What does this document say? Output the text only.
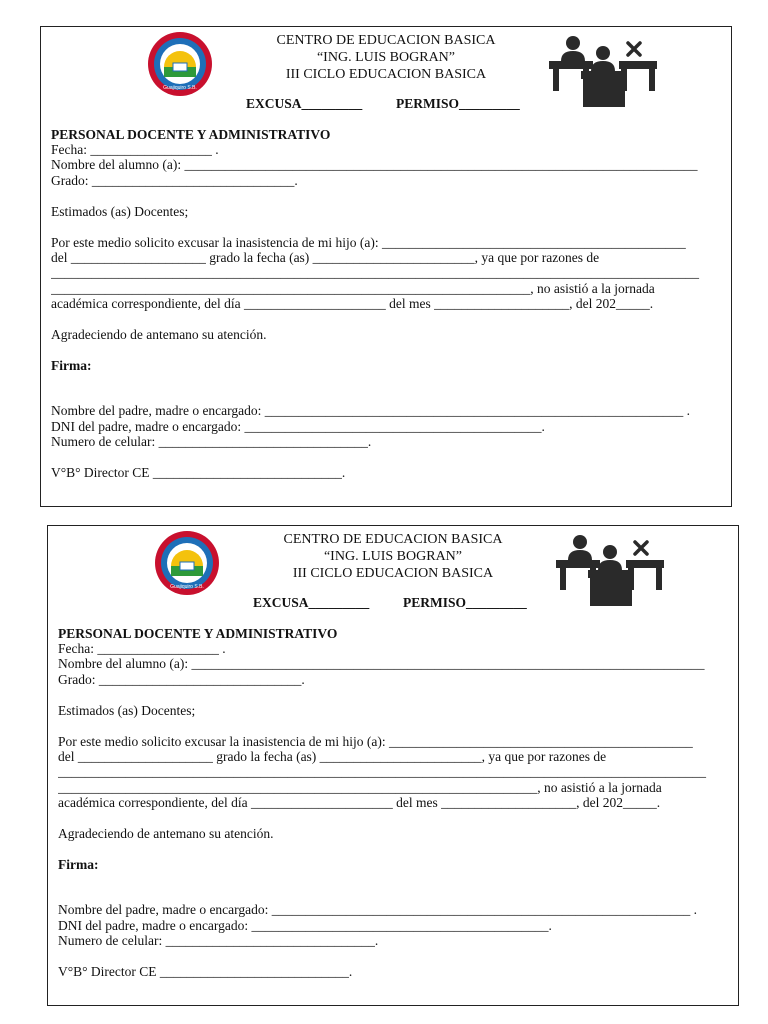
Guajiquiro S.B.
CENTRO DE EDUCACION BASICA
“ING. LUIS BOGRAN”
III CICLO EDUCACION BASICA
EXCUSA_________ PERMISO_________
PERSONAL DOCENTE Y ADMINISTRATIVO
Fecha: __________________ .
Nombre del alumno (a): ____________________________________________________________________________
Grado: ______________________________.
Estimados (as) Docentes;
Por este medio solicito excusar la inasistencia de mi hijo (a): _____________________________________________
del ____________________ grado la fecha (as) ________________________, ya que por razones de
________________________________________________________________________________________________
_______________________________________________________________________, no asistió a la jornada
académica correspondiente, del día _____________________ del mes ____________________, del 202_____.
Agradeciendo de antemano su atención.
Firma:
Nombre del padre, madre o encargado: ______________________________________________________________ .
DNI del padre, madre o encargado: ____________________________________________.
Numero de celular: _______________________________.
V°B° Director CE ____________________________.
Guajiquiro S.B.
CENTRO DE EDUCACION BASICA
“ING. LUIS BOGRAN”
III CICLO EDUCACION BASICA
EXCUSA_________ PERMISO_________
PERSONAL DOCENTE Y ADMINISTRATIVO
Fecha: __________________ .
Nombre del alumno (a): ____________________________________________________________________________
Grado: ______________________________.
Estimados (as) Docentes;
Por este medio solicito excusar la inasistencia de mi hijo (a): _____________________________________________
del ____________________ grado la fecha (as) ________________________, ya que por razones de
________________________________________________________________________________________________
_______________________________________________________________________, no asistió a la jornada
académica correspondiente, del día _____________________ del mes ____________________, del 202_____.
Agradeciendo de antemano su atención.
Firma:
Nombre del padre, madre o encargado: ______________________________________________________________ .
DNI del padre, madre o encargado: ____________________________________________.
Numero de celular: _______________________________.
V°B° Director CE ____________________________.
